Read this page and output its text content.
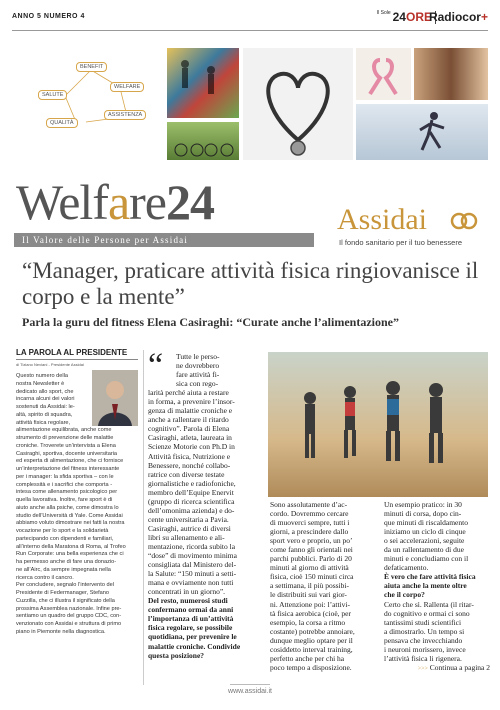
ANNO 5 NUMERO 4	$^{Il Sole}$ 24ORE
Radiocor+
BENEFIT
SALUTE
WELFARE
QUALITÀ
ASSISTENZA
Welfare24
Il Valore delle Persone per Assidai
Assidai
Il fondo sanitario per il tuo benessere
“Manager, praticare attività fisica ringiovanisce il corpo e la mente”
Parla la guru del fitness Elena Casiraghi: “Curate anche l’alimentazione”
LA PAROLA AL PRESIDENTE
di Tiziano Neviani - Presidente Assidai
Questo numero della
nostra Newsletter è
dedicato allo sport, che
incarna alcuni dei valori
sostenuti da Assidai: le-
altà, spirito di squadra,
attività fisica regolare,
alimentazione equilibrata, anche come
strumento di prevenzione delle malattie
croniche. Troverete un’intervista a Elena
Casiraghi, sportiva, docente universitaria
ed esperta di alimentazione, che ci fornisce
un’interpretazione del fitness interessante
per i manager: la sfida sportiva – con le
complessità e i sacrifici che comporta -
intesa come allenamento psicologico per
quella lavorativa. Inoltre, fare sport è di
aiuto anche alla psiche, come dimostra lo
studio dell’Università di Yale. Come Assidai
abbiamo voluto dimostrare nei fatti la nostra
vocazione per lo sport e la solidarietà
partecipando con dipendenti e familiari,
all’interno della Maratona di Roma, al Trofeo
Run Corporate: una bella esperienza che ci
ha permesso anche di fare una donazio-
ne all’Airc, da sempre impegnata nella
ricerca contro il cancro.
Per concludere, segnalo l’intervento del
Presidente di Federmanager, Stefano
Cuzzilla, che ci illustra il significato della
prossima Assemblea nazionale. Infine pre-
sentiamo un quadro del gruppo CDC, con-
venzionato con Assidai e struttura di primo
piano in Piemonte nella diagnostica.
“	Tutte le perso-
ne dovrebbero
fare attività fi-
sica con rego-
larità perché aiuta a restare
in forma, a prevenire l’insor-
genza di malattie croniche e
anche a rallentare il ritardo
cognitivo”. Parola di Elena
Casiraghi, atleta, laureata in
Scienze Motorie con Ph.D in
Attività fisica, Nutrizione e
Benessere, nonché collabo-
ratrice con diverse testate
giornalistiche e radiofoniche,
membro dell’Equipe Enervit
(gruppo di ricerca scientifica
dell’omonima azienda) e do-
cente universitaria a Pavia.
Casiraghi, autrice di diversi
libri su allenamento e ali-
mentazione, ricorda subito la
“dose” di movimento minima
consigliata dal Ministero del-
la Salute: “150 minuti a setti-
mana e ovviamente non tutti
concentrati in un giorno”.
Del resto, numerosi studi
confermano ormai da anni
l’importanza di un’attività
fisica regolare, se possibile
quotidiana, per prevenire le
malattie croniche. Condivide
questa posizione?
Sono assolutamente d’ac-
cordo. Dovremmo cercare
di muoverci sempre, tutti i
giorni, a prescindere dallo
sport vero e proprio, un po’
come fanno gli orientali nei
parchi pubblici. Parlo di 20
minuti al giorno di attività
fisica, cioè 150 minuti circa
a settimana, il più possibi-
le distribuiti sui vari gior-
ni. Attenzione poi: l’attivi-
tà fisica aerobica (cioè, per
esempio, la corsa a ritmo
costante) potrebbe annoiare,
dunque meglio optare per il
cosiddetto interval training,
perfetto anche per chi ha
poco tempo a disposizione.
Un esempio pratico: in 30
minuti di corsa, dopo cin-
que minuti di riscaldamento
iniziamo un ciclo di cinque
o sei accelerazioni, seguite
da un rallentamento di due
minuti e concludiamo con il
defaticamento.
È vero che fare attività fisica
aiuta anche la mente oltre
che il corpo?
Certo che sì. Rallenta (il ritar-
do cognitivo e ormai ci sono
tantissimi studi scientifici
a dimostrarlo. Un tempo si
pensava che invecchiando
i neuroni morissero, invece
l’attività fisica li rigenera.
>>> Continua a pagina 2
www.assidai.it
